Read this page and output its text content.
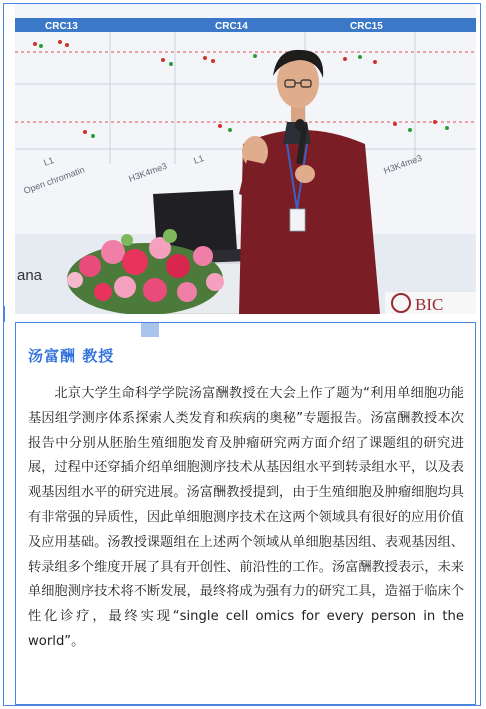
CRC13	CRC14	CRC15
L1
Open chromatin	H3K4me3
L1	H3K4me3
ana
BIC
汤富酬 教授

北京大学生命科学学院汤富酬教授在大会上作了题为“利用单细胞功能基因组学测序体系探索人类发育和疾病的奥秘”专题报告。汤富酬教授本次报告中分别从胚胎生殖细胞发育及肿瘤研究两方面介绍了课题组的研究进展，过程中还穿插介绍单细胞测序技术从基因组水平到转录组水平，以及表观基因组水平的研究进展。汤富酬教授提到，由于生殖细胞及肿瘤细胞均具有非常强的异质性，因此单细胞测序技术在这两个领域具有很好的应用价值及应用基础。汤教授课题组在上述两个领域从单细胞基因组、表观基因组、转录组多个维度开展了具有开创性、前沿性的工作。汤富酬教授表示，未来单细胞测序技术将不断发展，最终将成为强有力的研究工具，造福于临床个性化诊疗，最终实现“single cell omics for every person in the world”。
